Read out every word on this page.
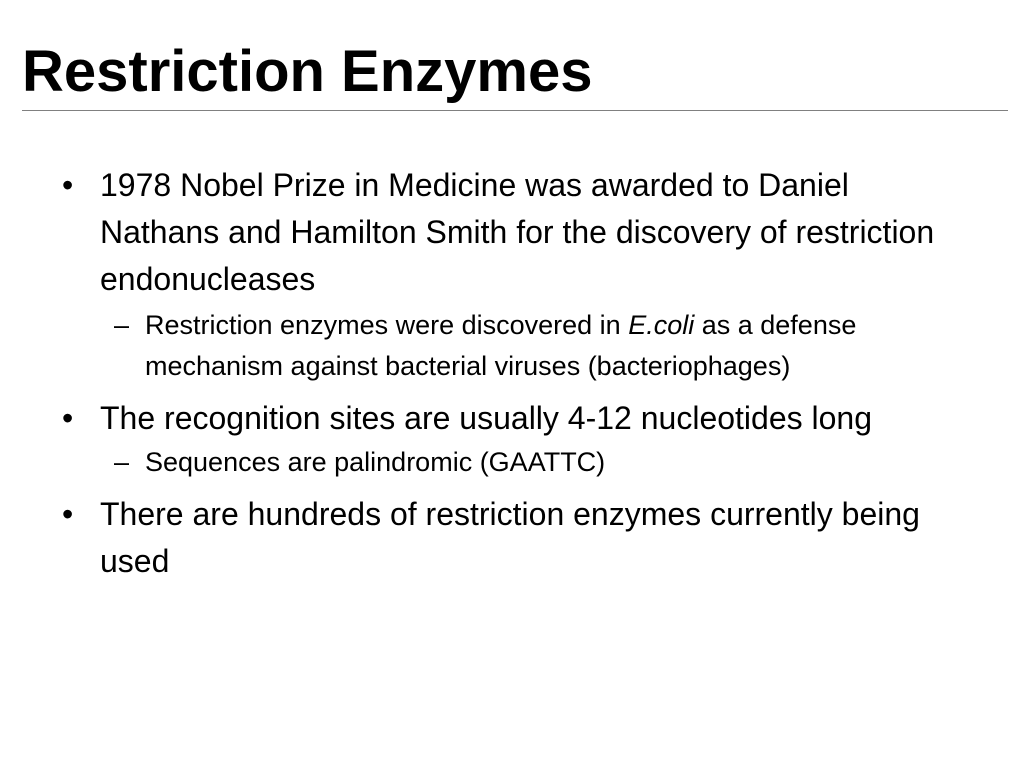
Restriction Enzymes
• 1978 Nobel Prize in Medicine was awarded to Daniel Nathans and Hamilton Smith for the discovery of restriction endonucleases
– Restriction enzymes were discovered in E.coli as a defense mechanism against bacterial viruses (bacteriophages)
• The recognition sites are usually 4-12 nucleotides long
– Sequences are palindromic (GAATTC)
• There are hundreds of restriction enzymes currently being used
